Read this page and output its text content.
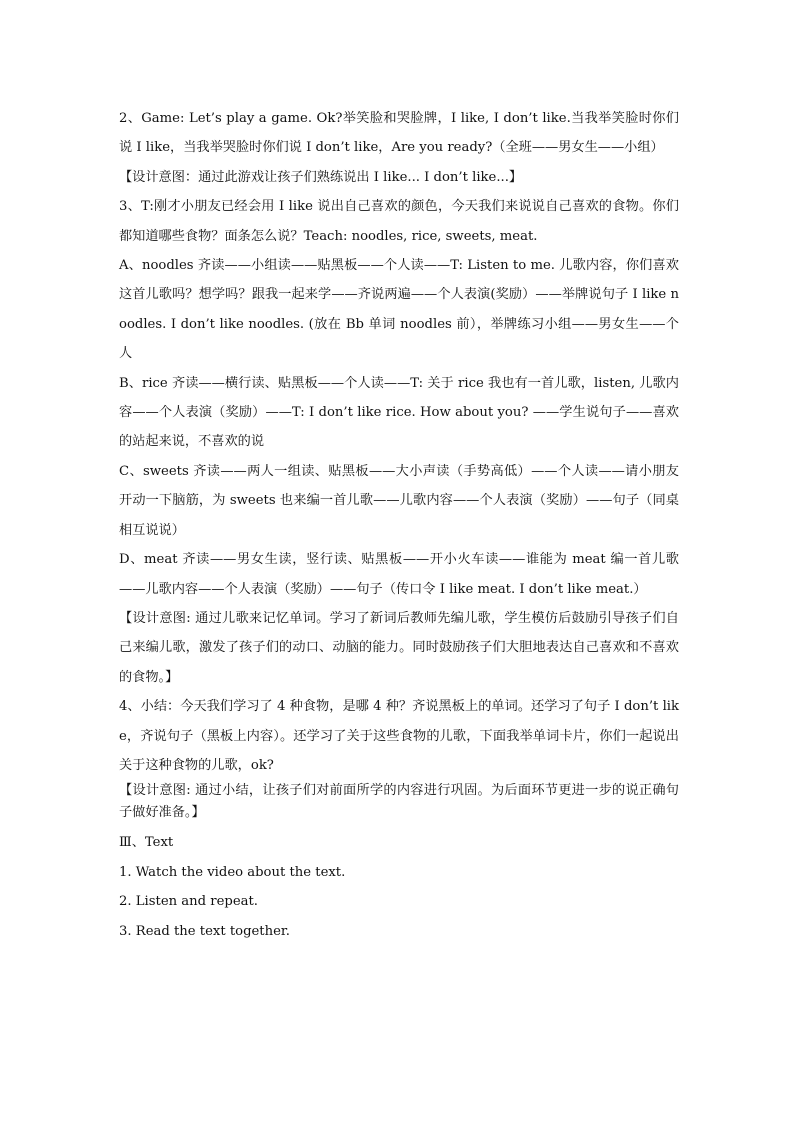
2、Game: Let’s play a game. Ok?举笑脸和哭脸牌，I like, I don’t like.当我举笑脸时你们说 I like，当我举哭脸时你们说 I don’t like，Are you ready?（全班——男女生——小组）

【设计意图：通过此游戏让孩子们熟练说出 I like... I don’t like...】

3、T:刚才小朋友已经会用 I like 说出自己喜欢的颜色，今天我们来说说自己喜欢的食物。你们都知道哪些食物？面条怎么说？Teach: noodles, rice, sweets, meat.

A、noodles 齐读——小组读——贴黑板——个人读——T: Listen to me. 儿歌内容，你们喜欢这首儿歌吗？想学吗？跟我一起来学——齐说两遍——个人表演(奖励）——举牌说句子 I like noodles. I don’t like noodles. (放在 Bb 单词 noodles 前），举牌练习小组——男女生——个人

B、rice 齐读——横行读、贴黑板——个人读——T: 关于 rice 我也有一首儿歌，listen, 儿歌内容——个人表演（奖励）——T: I don’t like rice. How about you? ——学生说句子——喜欢的站起来说，不喜欢的说

C、sweets 齐读——两人一组读、贴黑板——大小声读（手势高低）——个人读——请小朋友开动一下脑筋，为 sweets 也来编一首儿歌——儿歌内容——个人表演（奖励）——句子（同桌相互说说）

D、meat 齐读——男女生读，竖行读、贴黑板——开小火车读——谁能为 meat 编一首儿歌——儿歌内容——个人表演（奖励）——句子（传口令 I like meat. I don’t like meat.）

【设计意图: 通过儿歌来记忆单词。学习了新词后教师先编儿歌，学生模仿后鼓励引导孩子们自己来编儿歌，激发了孩子们的动口、动脑的能力。同时鼓励孩子们大胆地表达自己喜欢和不喜欢的食物。】

4、小结：今天我们学习了 4 种食物，是哪 4 种？齐说黑板上的单词。还学习了句子 I don’t like，齐说句子（黑板上内容）。还学习了关于这些食物的儿歌，下面我举单词卡片，你们一起说出关于这种食物的儿歌，ok?

【设计意图: 通过小结，让孩子们对前面所学的内容进行巩固。为后面环节更进一步的说正确句子做好准备。】

Ⅲ、Text

1. Watch the video about the text.

2. Listen and repeat.

3. Read the text together.
